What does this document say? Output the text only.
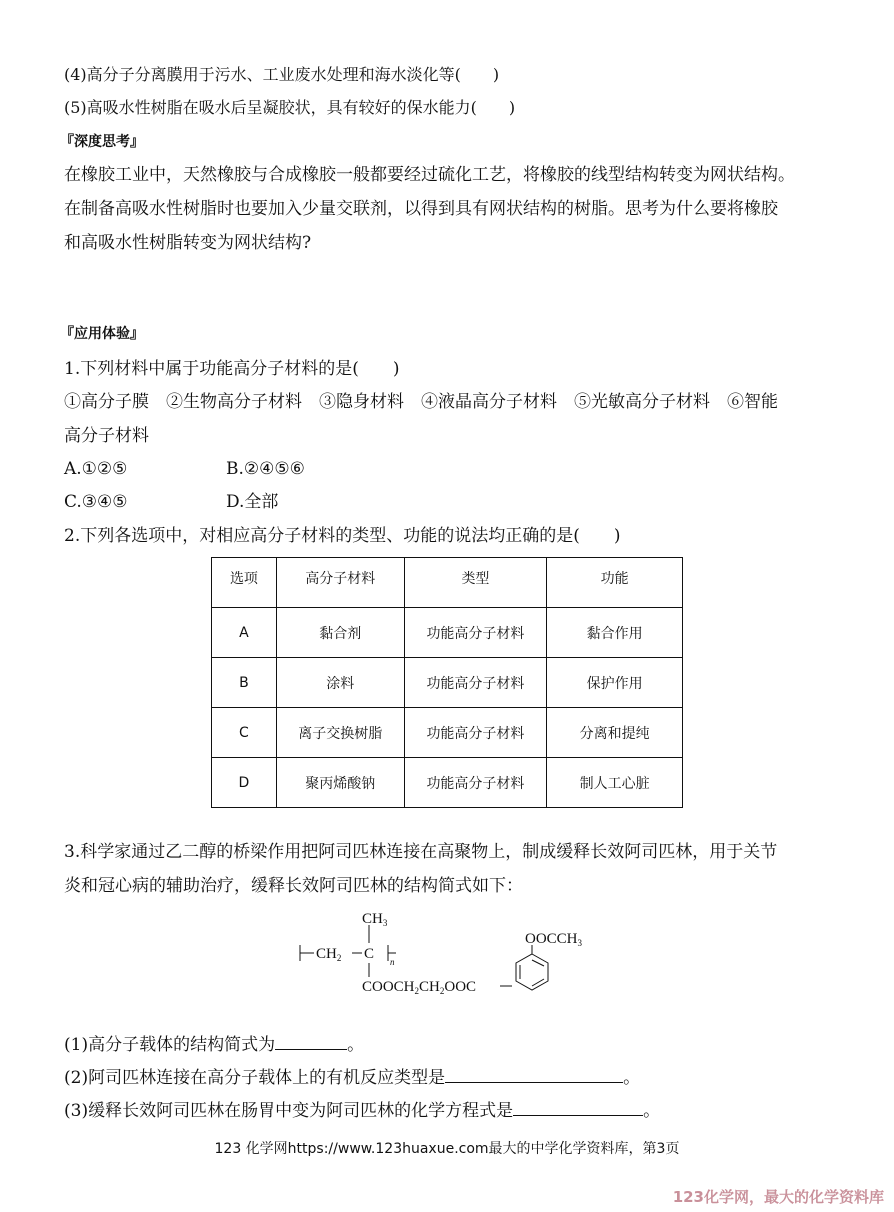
(4)高分子分离膜用于污水、工业废水处理和海水淡化等(　　)
(5)高吸水性树脂在吸水后呈凝胶状，具有较好的保水能力(　　)
『深度思考』
在橡胶工业中，天然橡胶与合成橡胶一般都要经过硫化工艺，将橡胶的线型结构转变为网状结构。
在制备高吸水性树脂时也要加入少量交联剂，以得到具有网状结构的树脂。思考为什么要将橡胶
和高吸水性树脂转变为网状结构?
『应用体验』
1.下列材料中属于功能高分子材料的是(　　)
①高分子膜　②生物高分子材料　③隐身材料　④液晶高分子材料　⑤光敏高分子材料　⑥智能
高分子材料
A.①②⑤	B.②④⑤⑥
C.③④⑤	D.全部
2.下列各选项中，对相应高分子材料的类型、功能的说法均正确的是(　　)
选项	高分子材料	类型	功能
A	黏合剂	功能高分子材料	黏合作用
B	涂料	功能高分子材料	保护作用
C	离子交换树脂	功能高分子材料	分离和提纯
D	聚丙烯酸钠	功能高分子材料	制人工心脏
3.科学家通过乙二醇的桥梁作用把阿司匹林连接在高聚物上，制成缓释长效阿司匹林，用于关节
炎和冠心病的辅助治疗，缓释长效阿司匹林的结构简式如下：
$CH_2$ C n
$CH_3$
$COOCH_2CH_2OOC$
$OOCCH_3$
(1)高分子载体的结构简式为	。
(2)阿司匹林连接在高分子载体上的有机反应类型是	。
(3)缓释长效阿司匹林在肠胃中变为阿司匹林的化学方程式是	。
123 化学网https://www.123huaxue.com最大的中学化学资料库，第3页
123化学网，最大的化学资料库
